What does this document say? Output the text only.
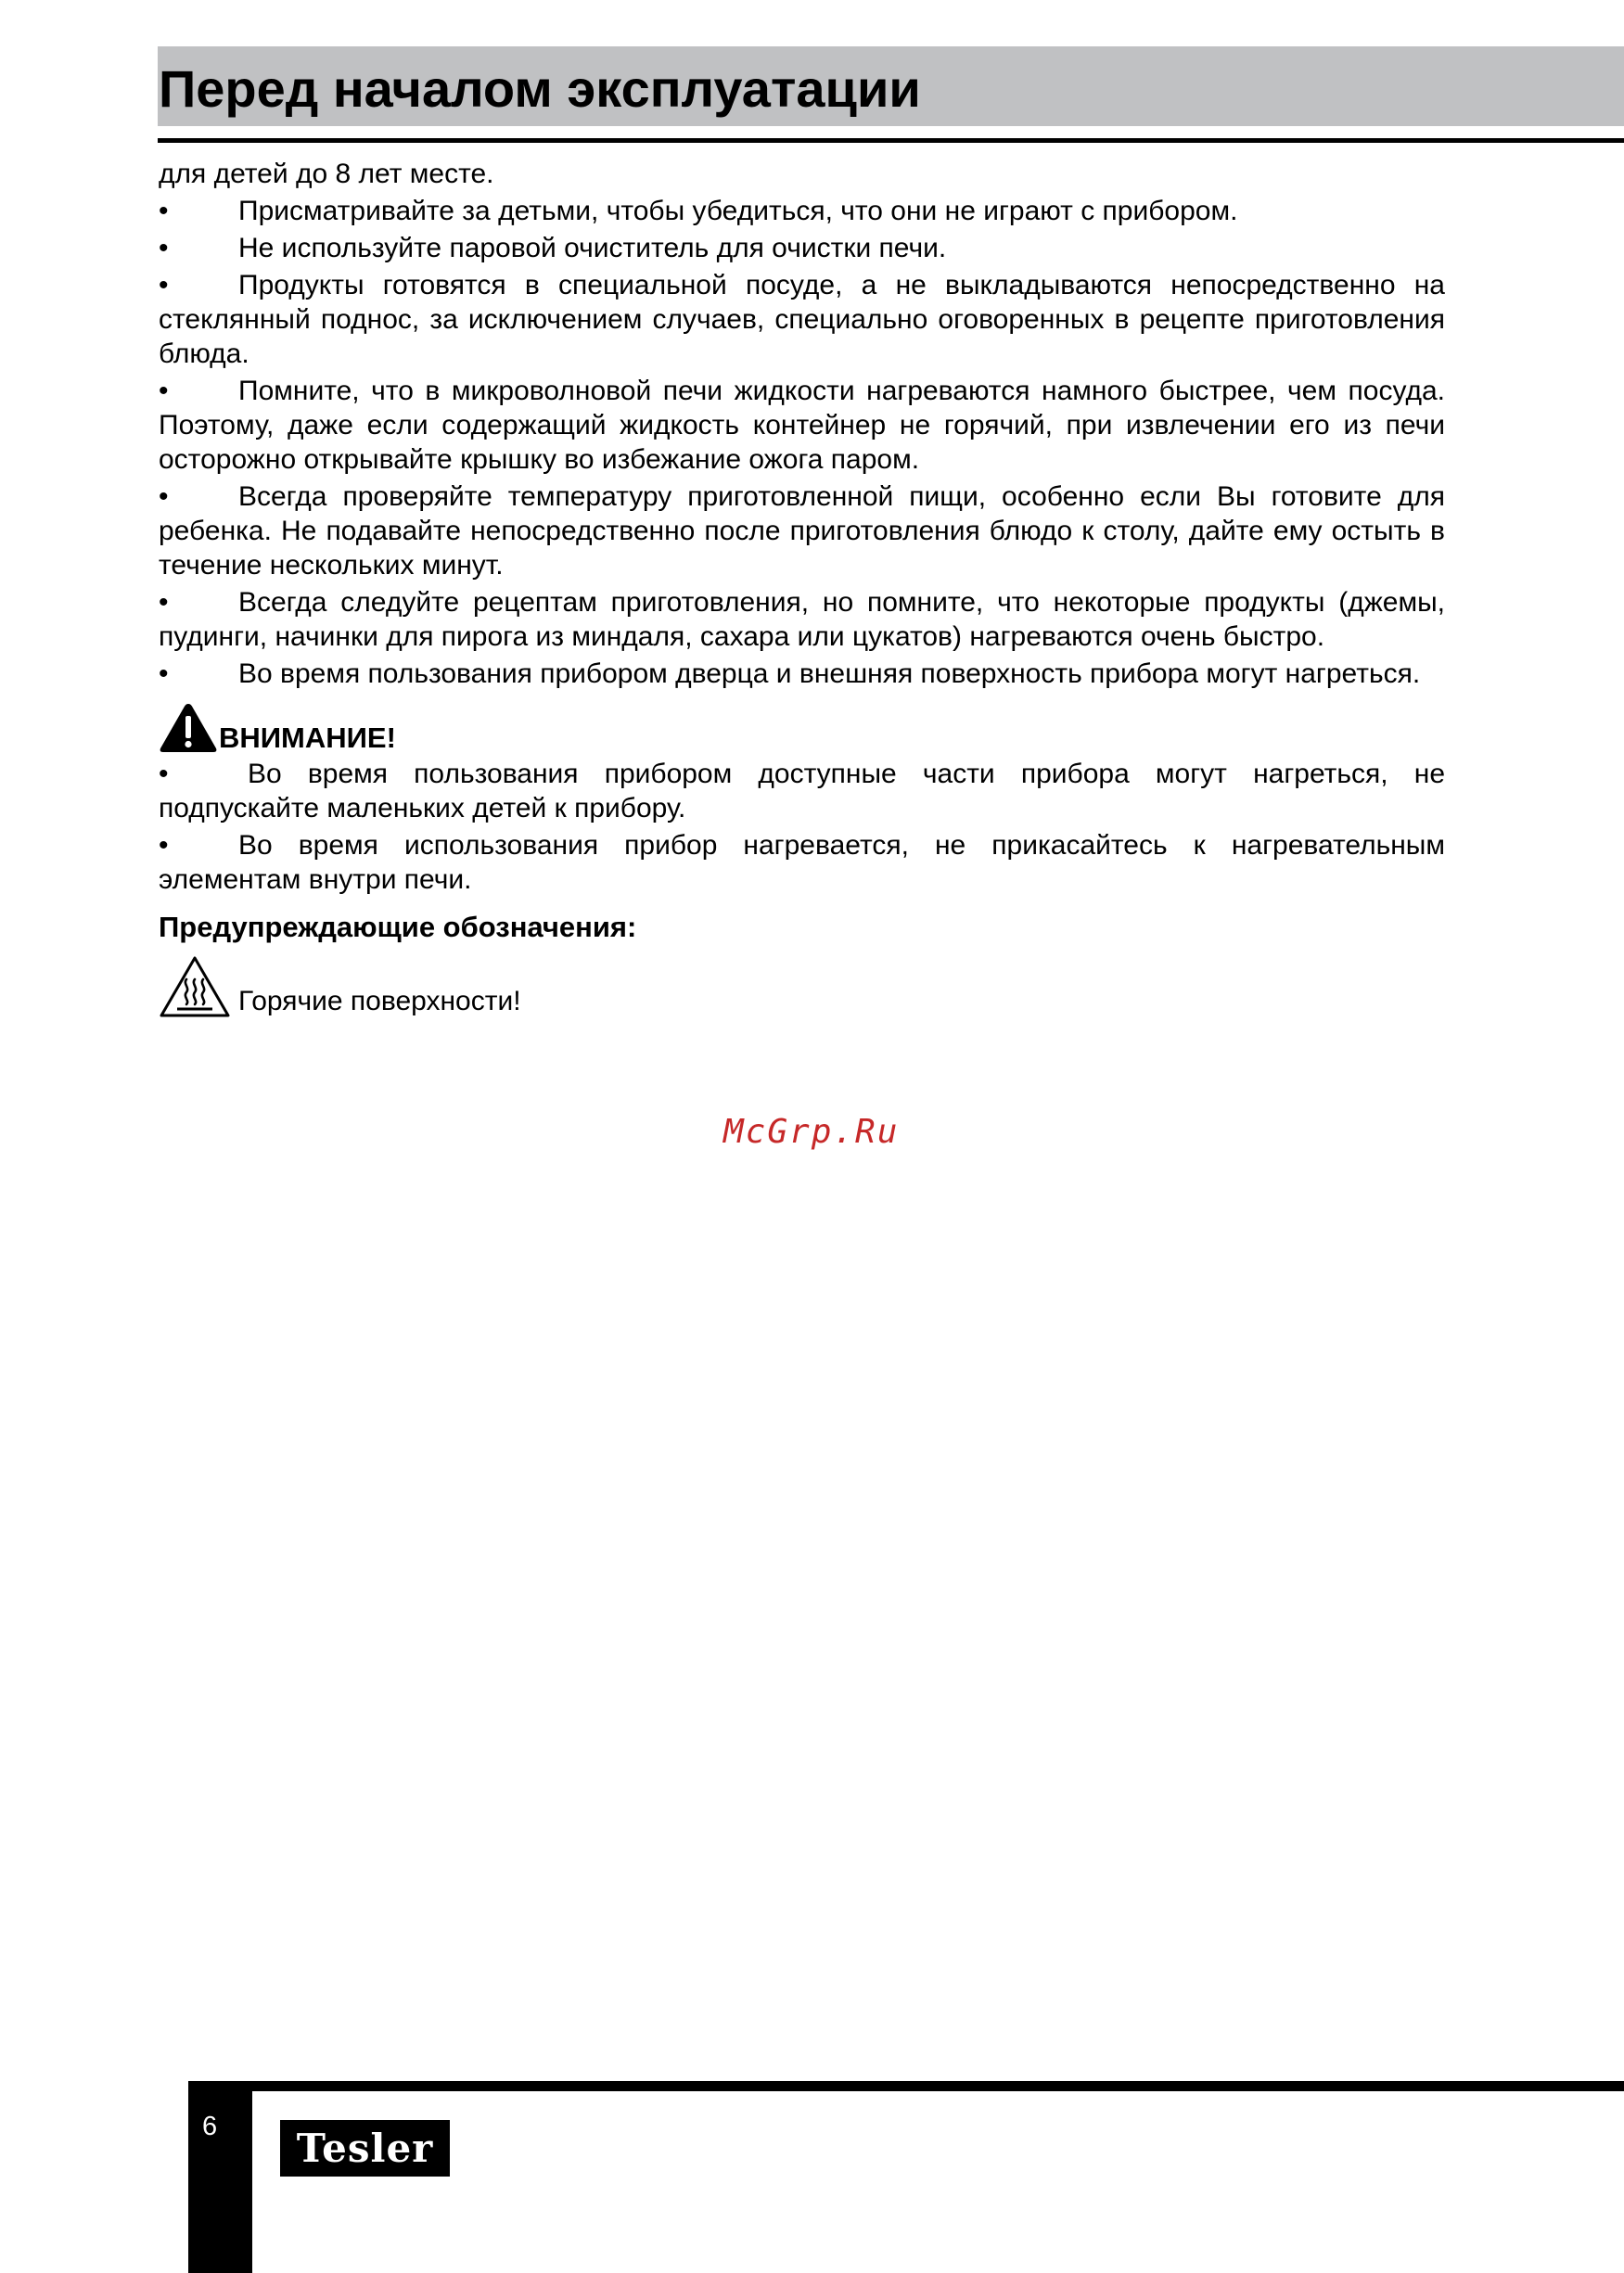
Перед началом эксплуатации

для детей до 8 лет месте.

•	Присматривайте за детьми, чтобы убедиться, что они не играют с прибором.

•	Не используйте паровой очиститель для очистки печи.

•	Продукты готовятся в специальной посуде, а не выкладываются непосредственно на стеклянный поднос, за исключением случаев, специально оговоренных в рецепте приготовления блюда.

•	Помните, что в микроволновой печи жидкости нагреваются намного быстрее, чем посуда. Поэтому, даже если содержащий жидкость контейнер не горячий, при извлечении его из печи осторожно открывайте крышку во избежание ожога паром.

•	Всегда проверяйте температуру приготовленной пищи, особенно если Вы готовите для ребенка. Не подавайте непосредственно после приготовления блюдо к столу, дайте ему остыть в течение нескольких минут.

•	Всегда следуйте рецептам приготовления, но помните, что некоторые продукты (джемы, пудинги, начинки для пирога из миндаля, сахара или цукатов) нагреваются очень быстро.

•	Во время пользования прибором дверца и внешняя поверхность прибора могут нагреться.

ВНИМАНИЕ!

•	Во время пользования прибором доступные части прибора могут нагреться, не подпускайте маленьких детей к прибору.

•	Во время использования прибор нагревается, не прикасайтесь к нагревательным элементам внутри печи.

Предупреждающие обозначения:

Горячие поверхности!

McGrp.Ru

6 Tesler
